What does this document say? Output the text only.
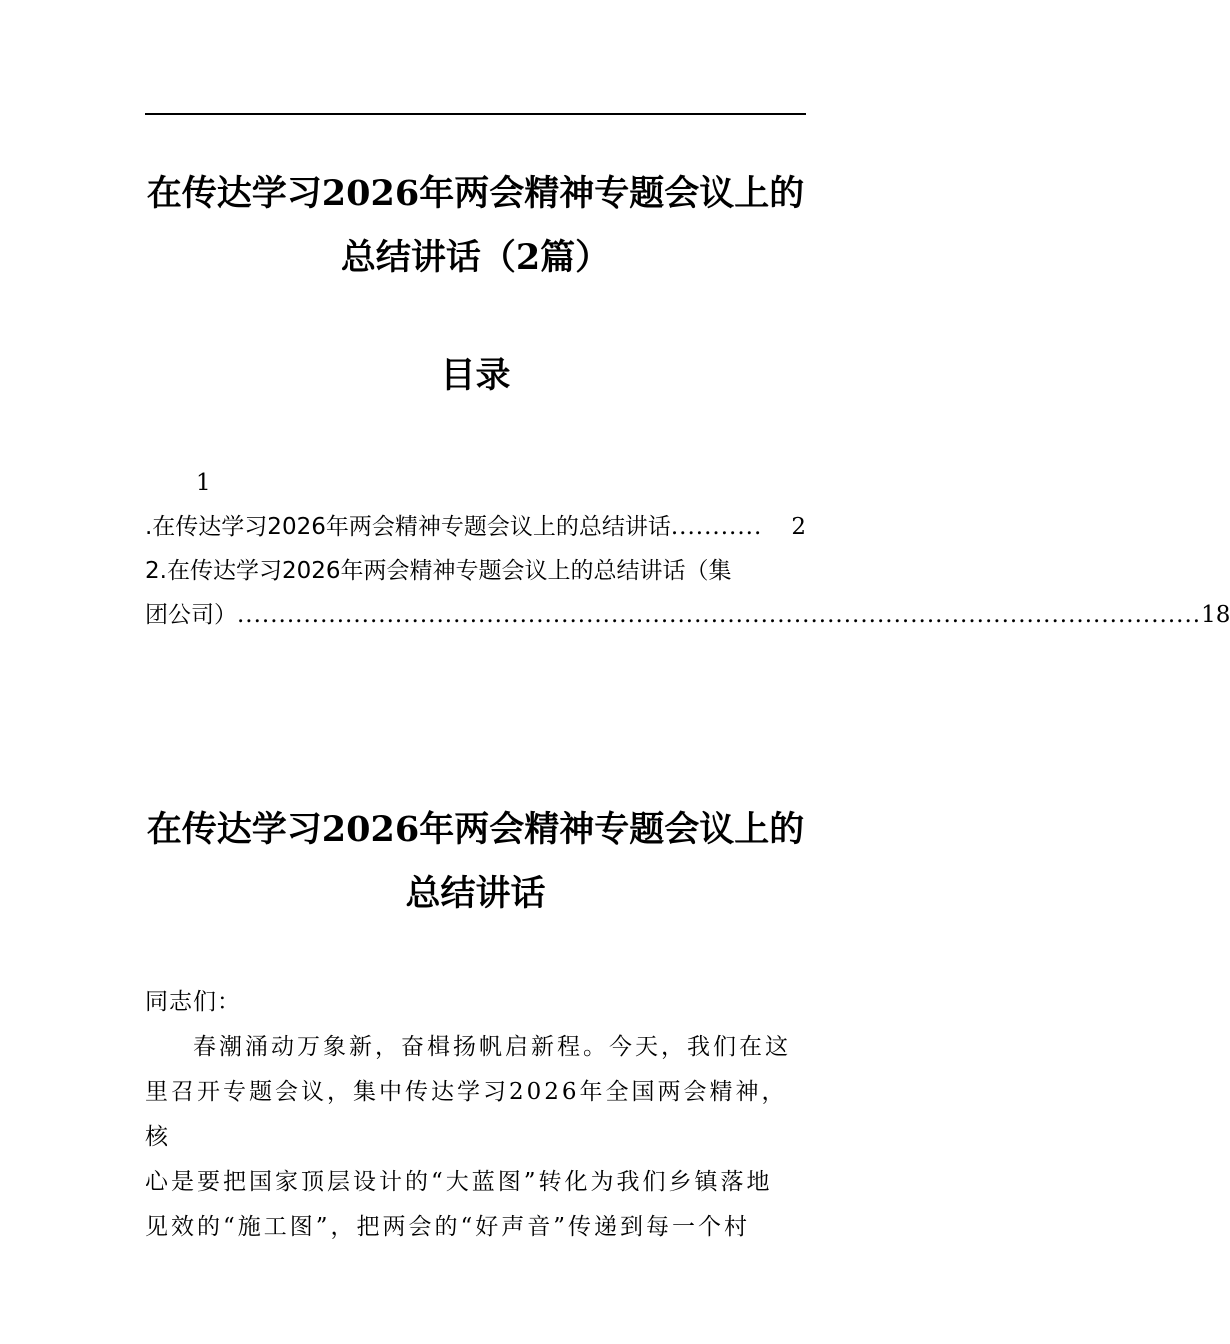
在传达学习2026年两会精神专题会议上的
总结讲话（2篇）
目录
1
.在传达学习2026年两会精神专题会议上的总结讲话 ...........	2
2.在传达学习2026年两会精神专题会议上的总结讲话（集
团公司） .................................................................................................................... 18
在传达学习2026年两会精神专题会议上的
总结讲话

同志们：

春潮涌动万象新，奋楫扬帆启新程。今天，我们在这

里召开专题会议，集中传达学习2026年全国两会精神，核

心是要把国家顶层设计的“大蓝图”转化为我们乡镇落地

见效的“施工图”，把两会的“好声音”传递到每一个村
